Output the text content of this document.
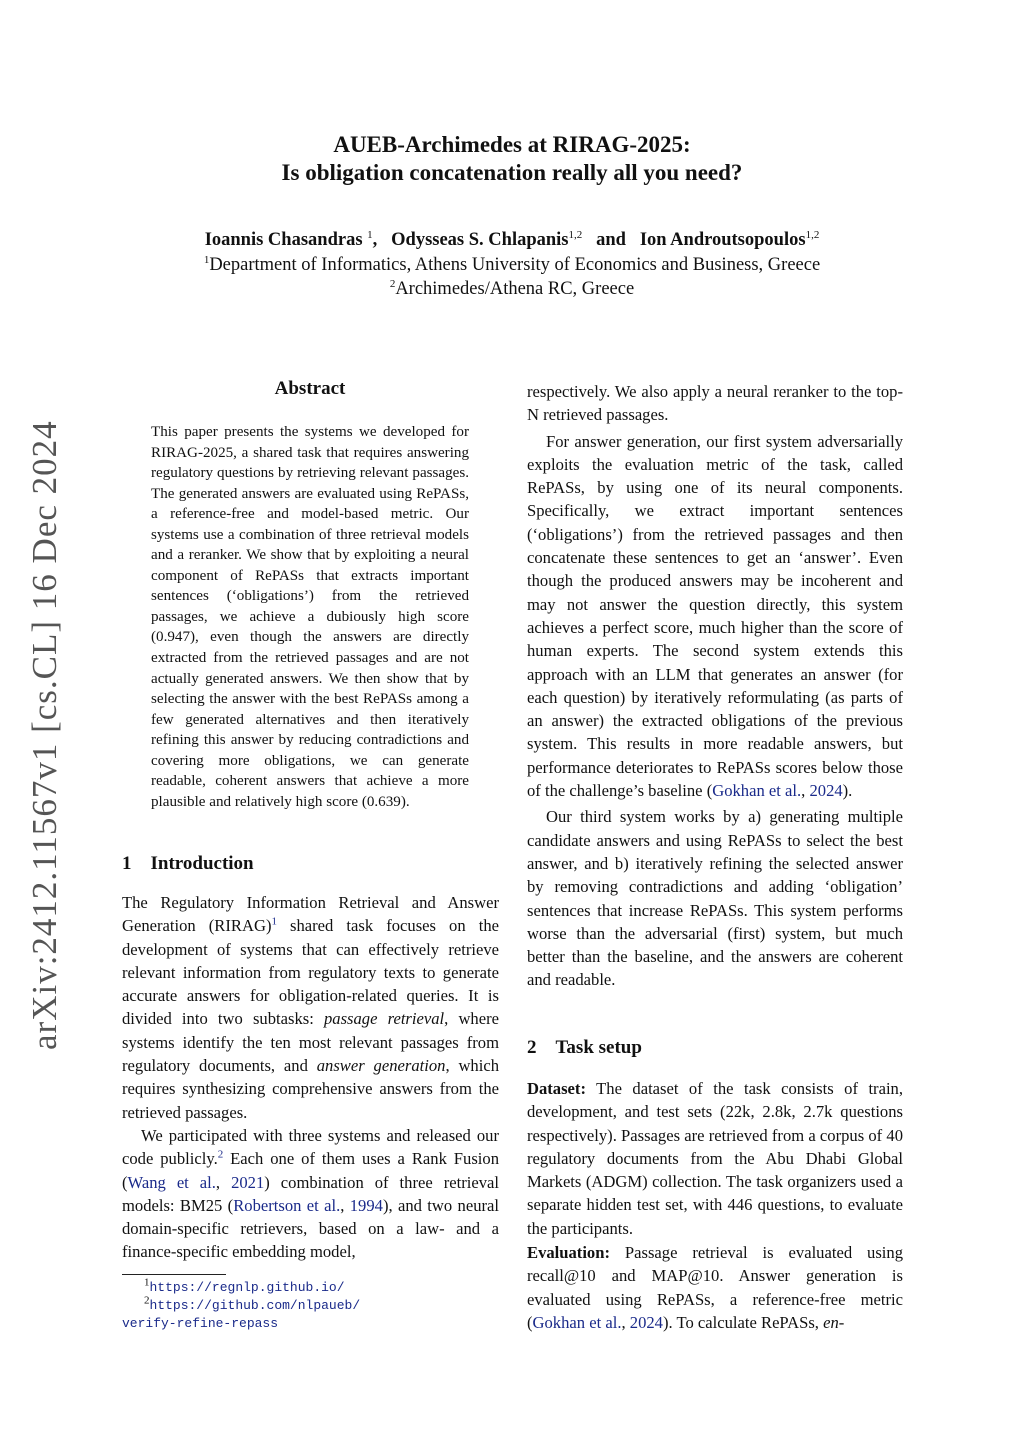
arXiv:2412.11567v1 [cs.CL] 16 Dec 2024
AUEB-Archimedes at RIRAG-2025:
Is obligation concatenation really all you need?
Ioannis Chasandras $^1$, Odysseas S. Chlapanis$^{1,2}$ and Ion Androutsopoulos$^{1,2}$
$^1$Department of Informatics, Athens University of Economics and Business, Greece
$^2$Archimedes/Athena RC, Greece
Abstract
This paper presents the systems we developed for RIRAG-2025, a shared task that requires answering regulatory questions by retrieving relevant passages. The generated answers are evaluated using RePASs, a reference-free and model-based metric. Our systems use a combination of three retrieval models and a reranker. We show that by exploiting a neural component of RePASs that extracts important sentences (‘obligations’) from the retrieved passages, we achieve a dubiously high score (0.947), even though the answers are directly extracted from the retrieved passages and are not actually generated answers. We then show that by selecting the answer with the best RePASs among a few generated alternatives and then iteratively refining this answer by reducing contradictions and covering more obligations, we can generate readable, coherent answers that achieve a more plausible and relatively high score (0.639).
1 Introduction

The Regulatory Information Retrieval and Answer Generation (RIRAG)$^1$ shared task focuses on the development of systems that can effectively retrieve relevant information from regulatory texts to generate accurate answers for obligation-related queries. It is divided into two subtasks: passage retrieval, where systems identify the ten most relevant passages from regulatory documents, and answer generation, which requires synthesizing comprehensive answers from the retrieved passages.

We participated with three systems and released our code publicly.$^2$ Each one of them uses a Rank Fusion (Wang et al., 2021) combination of three retrieval models: BM25 (Robertson et al., 1994), and two neural domain-specific retrievers, based on a law- and a finance-specific embedding model,

$^1$https://regnlp.github.io/
$^2$https://github.com/nlpaueb/
verify-refine-repass

respectively. We also apply a neural reranker to the top-N retrieved passages.

For answer generation, our first system adversarially exploits the evaluation metric of the task, called RePASs, by using one of its neural components. Specifically, we extract important sentences (‘obligations’) from the retrieved passages and then concatenate these sentences to get an ‘answer’. Even though the produced answers may be incoherent and may not answer the question directly, this system achieves a perfect score, much higher than the score of human experts. The second system extends this approach with an LLM that generates an answer (for each question) by iteratively reformulating (as parts of an answer) the extracted obligations of the previous system. This results in more readable answers, but performance deteriorates to RePASs scores below those of the challenge’s baseline (Gokhan et al., 2024).

Our third system works by a) generating multiple candidate answers and using RePASs to select the best answer, and b) iteratively refining the selected answer by removing contradictions and adding ‘obligation’ sentences that increase RePASs. This system performs worse than the adversarial (first) system, but much better than the baseline, and the answers are coherent and readable.

2 Task setup

Dataset: The dataset of the task consists of train, development, and test sets (22k, 2.8k, 2.7k questions respectively). Passages are retrieved from a corpus of 40 regulatory documents from the Abu Dhabi Global Markets (ADGM) collection. The task organizers used a separate hidden test set, with 446 questions, to evaluate the participants.

Evaluation: Passage retrieval is evaluated using recall@10 and MAP@10. Answer generation is evaluated using RePASs, a reference-free metric (Gokhan et al., 2024). To calculate RePASs, en-
